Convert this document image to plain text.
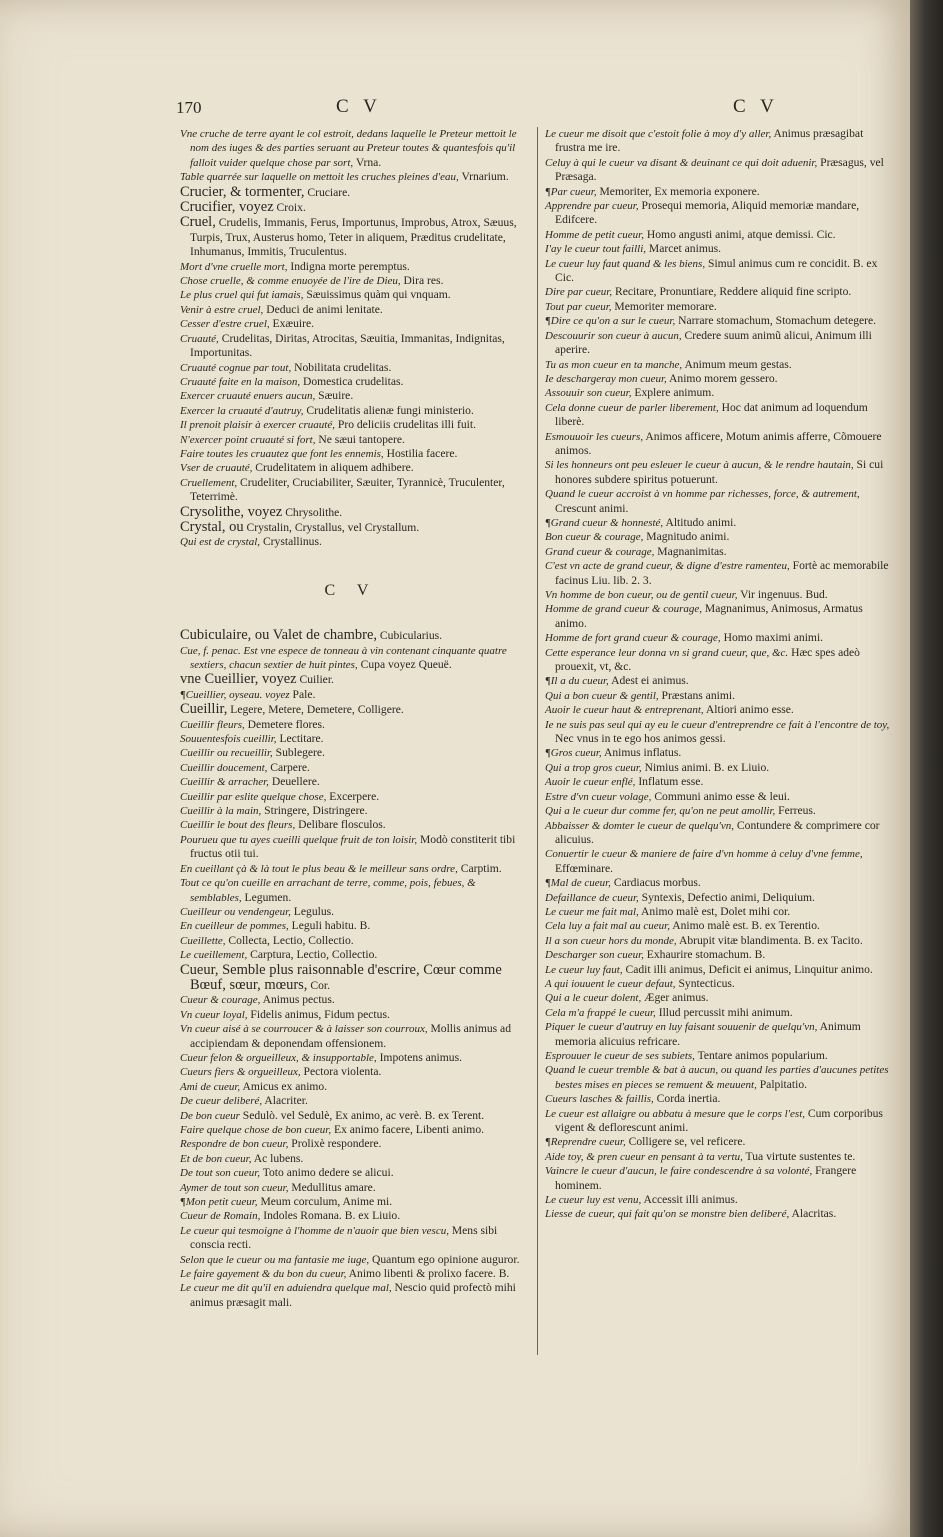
170	C V	C V

Vne cruche de terre ayant le col estroit, dedans laquelle le Preteur mettoit le nom des iuges & des parties seruant au Preteur toutes & quantesfois qu'il falloit vuider quelque chose par sort, Vrna.

Table quarrée sur laquelle on mettoit les cruches pleines d'eau, Vrnarium.

Crucier, & tormenter, Cruciare.

Crucifier, voyez Croix.

Cruel, Crudelis, Immanis, Ferus, Importunus, Improbus, Atrox, Sæuus, Turpis, Trux, Austerus homo, Teter in aliquem, Præditus crudelitate, Inhumanus, Immitis, Truculentus.

Mort d'vne cruelle mort, Indigna morte peremptus.

Chose cruelle, & comme enuoyée de l'ire de Dieu, Dira res.

Le plus cruel qui fut iamais, Sæuissimus quàm qui vnquam.

Venir à estre cruel, Deduci de animi lenitate.

Cesser d'estre cruel, Exæuire.

Cruauté, Crudelitas, Diritas, Atrocitas, Sæuitia, Immanitas, Indignitas, Importunitas.

Cruauté cognue par tout, Nobilitata crudelitas.

Cruauté faite en la maison, Domestica crudelitas.

Exercer cruauté enuers aucun, Sæuire.

Exercer la cruauté d'autruy, Crudelitatis alienæ fungi ministerio.

Il prenoit plaisir à exercer cruauté, Pro deliciis crudelitas illi fuit.

N'exercer point cruauté si fort, Ne sæui tantopere.

Faire toutes les cruautez que font les ennemis, Hostilia facere.

Vser de cruauté, Crudelitatem in aliquem adhibere.

Cruellement, Crudeliter, Cruciabiliter, Sæuiter, Tyrannicè, Truculenter, Teterrimè.

Crysolithe, voyez Chrysolithe.

Crystal, ou Crystalin, Crystallus, vel Crystallum.

Qui est de crystal, Crystallinus.

C V

Cubiculaire, ou Valet de chambre, Cubicularius.

Cue, f. penac. Est vne espece de tonneau à vin contenant cinquante quatre sextiers, chacun sextier de huit pintes, Cupa voyez Queuë.

vne Cueillier, voyez Cuilier.

¶Cueillier, oyseau. voyez Pale.

Cueillir, Legere, Metere, Demetere, Colligere.

Cueillir fleurs, Demetere flores.

Souuentesfois cueillir, Lectitare.

Cueillir ou recueillir, Sublegere.

Cueillir doucement, Carpere.

Cueillir & arracher, Deuellere.

Cueillir par eslite quelque chose, Excerpere.

Cueillir à la main, Stringere, Distringere.

Cueillir le bout des fleurs, Delibare flosculos.

Pourueu que tu ayes cueilli quelque fruit de ton loisir, Modò constiterit tibi fructus otii tui.

En cueillant çà & là tout le plus beau & le meilleur sans ordre, Carptim.

Tout ce qu'on cueille en arrachant de terre, comme, pois, febues, & semblables, Legumen.

Cueilleur ou vendengeur, Legulus.

En cueilleur de pommes, Leguli habitu. B.

Cueillette, Collecta, Lectio, Collectio.

Le cueillement, Carptura, Lectio, Collectio.

Cueur, Semble plus raisonnable d'escrire, Cœur comme Bœuf, sœur, mœurs, Cor.

Cueur & courage, Animus pectus.

Vn cueur loyal, Fidelis animus, Fidum pectus.

Vn cueur aisé à se courroucer & à laisser son courroux, Mollis animus ad accipiendam & deponendam offensionem.

Cueur felon & orgueilleux, & insupportable, Impotens animus.

Cueurs fiers & orgueilleux, Pectora violenta.

Ami de cueur, Amicus ex animo.

De cueur deliberé, Alacriter.

De bon cueur Sedulò. vel Sedulè, Ex animo, ac verè. B. ex Terent.

Faire quelque chose de bon cueur, Ex animo facere, Libenti animo.

Respondre de bon cueur, Prolixè respondere.

Et de bon cueur, Ac lubens.

De tout son cueur, Toto animo dedere se alicui.

Aymer de tout son cueur, Medullitus amare.

¶Mon petit cueur, Meum corculum, Anime mi.

Cueur de Romain, Indoles Romana. B. ex Liuio.

Le cueur qui tesmoigne à l'homme de n'auoir que bien vescu, Mens sibi conscia recti.

Selon que le cueur ou ma fantasie me iuge, Quantum ego opinione auguror.

Le faire gayement & du bon du cueur, Animo libenti & prolixo facere. B.

Le cueur me dit qu'il en aduiendra quelque mal, Nescio quid profectò mihi animus præsagit mali.

Le cueur me disoit que c'estoit folie à moy d'y aller, Animus præsagibat frustra me ire.

Celuy à qui le cueur va disant & deuinant ce qui doit aduenir, Præsagus, vel Præsaga.

¶Par cueur, Memoriter, Ex memoria exponere.

Apprendre par cueur, Prosequi memoria, Aliquid memoriæ mandare, Edifcere.

Homme de petit cueur, Homo angusti animi, atque demissi. Cic.

I'ay le cueur tout failli, Marcet animus.

Le cueur luy faut quand & les biens, Simul animus cum re concidit. B. ex Cic.

Dire par cueur, Recitare, Pronuntiare, Reddere aliquid fine scripto.

Tout par cueur, Memoriter memorare.

¶Dire ce qu'on a sur le cueur, Narrare stomachum, Stomachum detegere.

Descouurir son cueur à aucun, Credere suum animũ alicui, Animum illi aperire.

Tu as mon cueur en ta manche, Animum meum gestas.

Ie deschargeray mon cueur, Animo morem gessero.

Assouuir son cueur, Explere animum.

Cela donne cueur de parler liberement, Hoc dat animum ad loquendum liberè.

Esmouuoir les cueurs, Animos afficere, Motum animis afferre, Cõmouere animos.

Si les honneurs ont peu esleuer le cueur à aucun, & le rendre hautain, Si cui honores subdere spiritus potuerunt.

Quand le cueur accroist à vn homme par richesses, force, & autrement, Crescunt animi.

¶Grand cueur & honnesté, Altitudo animi.

Bon cueur & courage, Magnitudo animi.

Grand cueur & courage, Magnanimitas.

C'est vn acte de grand cueur, & digne d'estre ramenteu, Fortè ac memorabile facinus Liu. lib. 2. 3.

Vn homme de bon cueur, ou de gentil cueur, Vir ingenuus. Bud.

Homme de grand cueur & courage, Magnanimus, Animosus, Armatus animo.

Homme de fort grand cueur & courage, Homo maximi animi.

Cette esperance leur donna vn si grand cueur, que, &c. Hæc spes adeò prouexit, vt, &c.

¶Il a du cueur, Adest ei animus.

Qui a bon cueur & gentil, Præstans animi.

Auoir le cueur haut & entreprenant, Altiori animo esse.

Ie ne suis pas seul qui ay eu le cueur d'entreprendre ce fait à l'encontre de toy, Nec vnus in te ego hos animos gessi.

¶Gros cueur, Animus inflatus.

Qui a trop gros cueur, Nimius animi. B. ex Liuio.

Auoir le cueur enflé, Inflatum esse.

Estre d'vn cueur volage, Communi animo esse & leui.

Qui a le cueur dur comme fer, qu'on ne peut amollir, Ferreus.

Abbaisser & domter le cueur de quelqu'vn, Contundere & comprimere cor alicuius.

Conuertir le cueur & maniere de faire d'vn homme à celuy d'vne femme, Effœminare.

¶Mal de cueur, Cardiacus morbus.

Defaillance de cueur, Syntexis, Defectio animi, Deliquium.

Le cueur me fait mal, Animo malè est, Dolet mihi cor.

Cela luy a fait mal au cueur, Animo malè est. B. ex Terentio.

Il a son cueur hors du monde, Abrupit vitæ blandimenta. B. ex Tacito.

Descharger son cueur, Exhaurire stomachum. B.

Le cueur luy faut, Cadit illi animus, Deficit ei animus, Linquitur animo.

A qui iouuent le cueur defaut, Syntecticus.

Qui a le cueur dolent, Æger animus.

Cela m'a frappé le cueur, Illud percussit mihi animum.

Piquer le cueur d'autruy en luy faisant souuenir de quelqu'vn, Animum memoria alicuius refricare.

Esprouuer le cueur de ses subiets, Tentare animos popularium.

Quand le cueur tremble & bat à aucun, ou quand les parties d'aucunes petites bestes mises en pieces se remuent & meuuent, Palpitatio.

Cueurs lasches & faillis, Corda inertia.

Le cueur est allaigre ou abbatu à mesure que le corps l'est, Cum corporibus vigent & deflorescunt animi.

¶Reprendre cueur, Colligere se, vel reficere.

Aide toy, & pren cueur en pensant à ta vertu, Tua virtute sustentes te.

Vaincre le cueur d'aucun, le faire condescendre à sa volonté, Frangere hominem.

Le cueur luy est venu, Accessit illi animus.

Liesse de cueur, qui fait qu'on se monstre bien deliberé, Alacritas.
